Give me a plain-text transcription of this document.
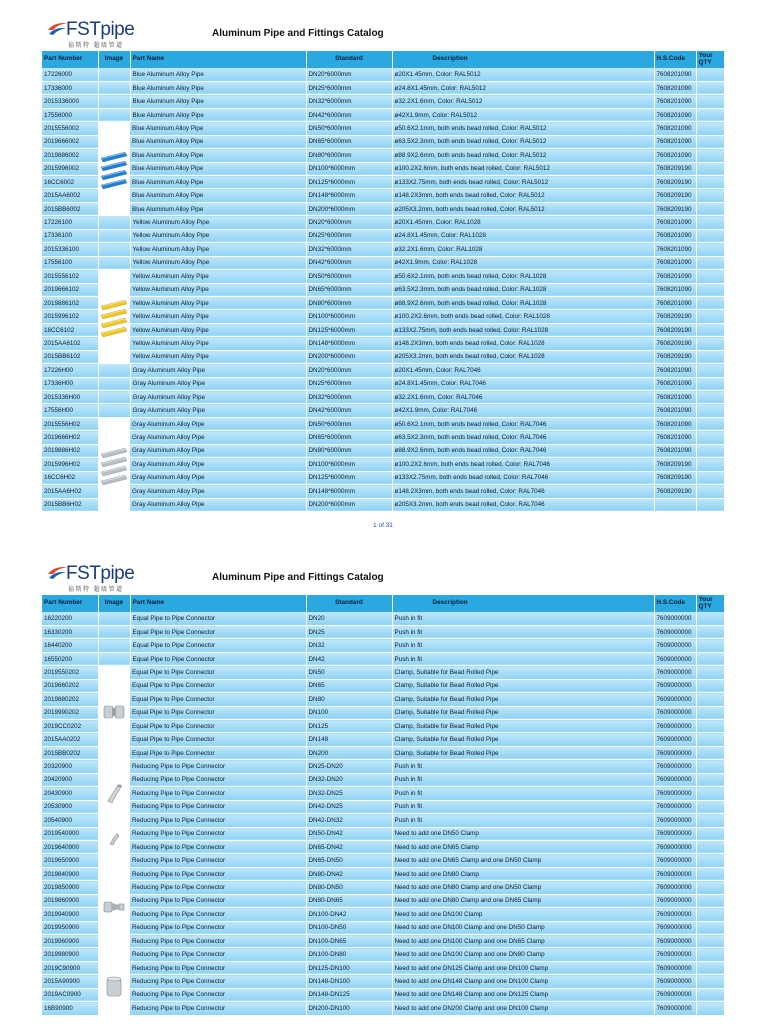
FSTpipe
福斯特 超级管道
Aluminum Pipe and Fittings Catalog
Part Number	Image	Part Name	Standard	Description	H.S.Code	Your QTY
17226000		Blue Aluminum Alloy Pipe	DN20*6000mm	ø20X1.45mm, Color: RAL5012	7608201090	
17336000		Blue Aluminum Alloy Pipe	DN25*6000mm	ø24.8X1.45mm, Color: RAL5012	7608201090	
2015336000		Blue Aluminum Alloy Pipe	DN32*6000mm	ø32.2X1.6mm, Color: RAL5012	7608201090	
17556000		Blue Aluminum Alloy Pipe	DN42*6000mm	ø42X1.9mm, Color: RAL5012	7608201090	
2015556002		Blue Aluminum Alloy Pipe	DN50*6000mm	ø50.6X2.1mm, both ends bead rolled, Color: RAL5012	7608201090	
2019666002		Blue Aluminum Alloy Pipe	DN65*6000mm	ø63.5X2.3mm, both ends bead rolled, Color: RAL5012	7608201090	
2019886002		Blue Aluminum Alloy Pipe	DN80*6000mm	ø88.9X2.6mm, both ends bead rolled, Color: RAL5012	7608201090	
2015996002		Blue Aluminum Alloy Pipe	DN100*6000mm	ø100.2X2.6mm, both ends bead rolled, Color: RAL5012	7608209190	
16CC6002		Blue Aluminum Alloy Pipe	DN125*6000mm	ø133X2.75mm, both ends bead rolled, Color: RAL5012	7608209190	
2015AA6002		Blue Aluminum Alloy Pipe	DN148*6000mm	ø148.2X3mm, both ends bead rolled, Color: RAL5012	7608209190	
2015BB6002		Blue Aluminum Alloy Pipe	DN200*6000mm	ø205X3.2mm, both ends bead rolled, Color: RAL5012	7608209190	
17226100		Yellow Aluminum Alloy Pipe	DN20*6000mm	ø20X1.45mm, Color: RAL1028	7608201090	
17336100		Yellow Aluminum Alloy Pipe	DN25*6000mm	ø24.8X1.45mm, Color: RAL1028	7608201090	
2015336100		Yellow Aluminum Alloy Pipe	DN32*6000mm	ø32.2X1.6mm, Color: RAL1028	7608201090	
17556100		Yellow Aluminum Alloy Pipe	DN42*6000mm	ø42X1.9mm, Color: RAL1028	7608201090	
2015556102		Yellow Aluminum Alloy Pipe	DN50*6000mm	ø50.6X2.1mm, both ends bead rolled, Color: RAL1028	7608201090	
2019666102		Yellow Aluminum Alloy Pipe	DN65*6000mm	ø63.5X2.3mm, both ends bead rolled, Color: RAL1028	7608201090	
2019886102		Yellow Aluminum Alloy Pipe	DN80*6000mm	ø88.9X2.6mm, both ends bead rolled, Color: RAL1028	7608201090	
2015996102		Yellow Aluminum Alloy Pipe	DN100*6000mm	ø100.2X2.6mm, both ends bead rolled, Color: RAL1028	7608209190	
16CC6102		Yellow Aluminum Alloy Pipe	DN125*6000mm	ø133X2.75mm, both ends bead rolled, Color: RAL1028	7608209190	
2015AA6102		Yellow Aluminum Alloy Pipe	DN148*6000mm	ø148.2X3mm, both ends bead rolled, Color: RAL1028	7608209190	
2015BB6102		Yellow Aluminum Alloy Pipe	DN200*6000mm	ø205X3.2mm, both ends bead rolled, Color: RAL1028	7608209190	
17226H00		Gray Aluminum Alloy Pipe	DN20*6000mm	ø20X1.45mm, Color: RAL7046	7608201090	
17336H00		Gray Aluminum Alloy Pipe	DN25*6000mm	ø24.8X1.45mm, Color: RAL7046	7608201090	
2015336H00		Gray Aluminum Alloy Pipe	DN32*6000mm	ø32.2X1.6mm, Color: RAL7046	7608201090	
17556H00		Gray Aluminum Alloy Pipe	DN42*6000mm	ø42X1.9mm, Color: RAL7046	7608201090	
2015556H02		Gray Aluminum Alloy Pipe	DN50*6000mm	ø50.6X2.1mm, both ends bead rolled, Color: RAL7046	7608201090	
2019666H02		Gray Aluminum Alloy Pipe	DN65*6000mm	ø63.5X2.3mm, both ends bead rolled, Color: RAL7046	7608201090	
2019886H02		Gray Aluminum Alloy Pipe	DN80*6000mm	ø88.9X2.6mm, both ends bead rolled, Color: RAL7046	7608201090	
2015996H02		Gray Aluminum Alloy Pipe	DN100*6000mm	ø100.2X2.6mm, both ends bead rolled, Color: RAL7046	7608209190	
16CC6H02		Gray Aluminum Alloy Pipe	DN125*6000mm	ø133X2.75mm, both ends bead rolled, Color: RAL7046	7608209190	
2015AA6H02		Gray Aluminum Alloy Pipe	DN148*6000mm	ø148.2X3mm, both ends bead rolled, Color: RAL7046	7608209190	
2015BB6H02		Gray Aluminum Alloy Pipe	DN200*6000mm	ø205X3.2mm, both ends bead rolled, Color: RAL7046		
1 of 31
FSTpipe
福斯特 超级管道
Aluminum Pipe and Fittings Catalog
Part Number	Image	Part Name	Standard	Description	H.S.Code	Your QTY
16220200		Equal Pipe to Pipe Connector	DN20	Push in fit	7609000000	
16330200		Equal Pipe to Pipe Connector	DN25	Push in fit	7609000000	
16440200		Equal Pipe to Pipe Connector	DN32	Push in fit	7609000000	
16550200		Equal Pipe to Pipe Connector	DN42	Push in fit	7609000000	
2019550202		Equal Pipe to Pipe Connector	DN50	Clamp, Suitable for Bead Rolled Pipe	7609000000	
2019660202		Equal Pipe to Pipe Connector	DN65	Clamp, Suitable for Bead Rolled Pipe	7609000000	
2019880202		Equal Pipe to Pipe Connector	DN80	Clamp, Suitable for Bead Rolled Pipe	7609000000	
2019990202		Equal Pipe to Pipe Connector	DN100	Clamp, Suitable for Bead Rolled Pipe	7609000000	
2019CC0202		Equal Pipe to Pipe Connector	DN125	Clamp, Suitable for Bead Rolled Pipe	7609000000	
2015AA0202		Equal Pipe to Pipe Connector	DN148	Clamp, Suitable for Bead Rolled Pipe	7609000000	
2015BB0202		Equal Pipe to Pipe Connector	DN200	Clamp, Suitable for Bead Rolled Pipe	7609000000	
20320900		Reducing Pipe to Pipe Connector	DN25-DN20	Push in fit	7609000000	
20420900		Reducing Pipe to Pipe Connector	DN32-DN20	Push in fit	7609000000	
20430900		Reducing Pipe to Pipe Connector	DN32-DN25	Push in fit	7609000000	
20530900		Reducing Pipe to Pipe Connector	DN42-DN25	Push in fit	7609000000	
20540900		Reducing Pipe to Pipe Connector	DN42-DN32	Push in fit	7609000000	
2019540900		Reducing Pipe to Pipe Connector	DN50-DN42	Need to add one DN50 Clamp	7609000000	
2019640900		Reducing Pipe to Pipe Connector	DN65-DN42	Need to add one DN65 Clamp	7609000000	
2019650900		Reducing Pipe to Pipe Connector	DN65-DN50	Need to add one DN65 Clamp and one DN50 Clamp	7609000000	
2019840900		Reducing Pipe to Pipe Connector	DN80-DN42	Need to add one DN80 Clamp	7609000000	
2019850900		Reducing Pipe to Pipe Connector	DN80-DN50	Need to add one DN80 Clamp and one DN50 Clamp	7609000000	
2019860900		Reducing Pipe to Pipe Connector	DN80-DN65	Need to add one DN80 Clamp and one DN65 Clamp	7609000000	
2019940900		Reducing Pipe to Pipe Connector	DN100-DN42	Need to add one DN100 Clamp	7609000000	
2019950900		Reducing Pipe to Pipe Connector	DN100-DN50	Need to add one DN100 Clamp and one DN50 Clamp	7609000000	
2019960900		Reducing Pipe to Pipe Connector	DN100-DN65	Need to add one DN100 Clamp and one DN65 Clamp	7609000000	
2019980900		Reducing Pipe to Pipe Connector	DN100-DN80	Need to add one DN100 Clamp and one DN80 Clamp	7609000000	
2019C90900		Reducing Pipe to Pipe Connector	DN125-DN100	Need to add one DN125 Clamp and one DN100 Clamp	7609000000	
2015A90900		Reducing Pipe to Pipe Connector	DN148-DN100	Need to add one DN148 Clamp and one DN100 Clamp	7609000000	
2019AC0900		Reducing Pipe to Pipe Connector	DN148-DN125	Need to add one DN148 Clamp and one DN125 Clamp	7609000000	
16B90900		Reducing Pipe to Pipe Connector	DN200-DN100	Need to add one DN200 Clamp and one DN100 Clamp	7609000000	
